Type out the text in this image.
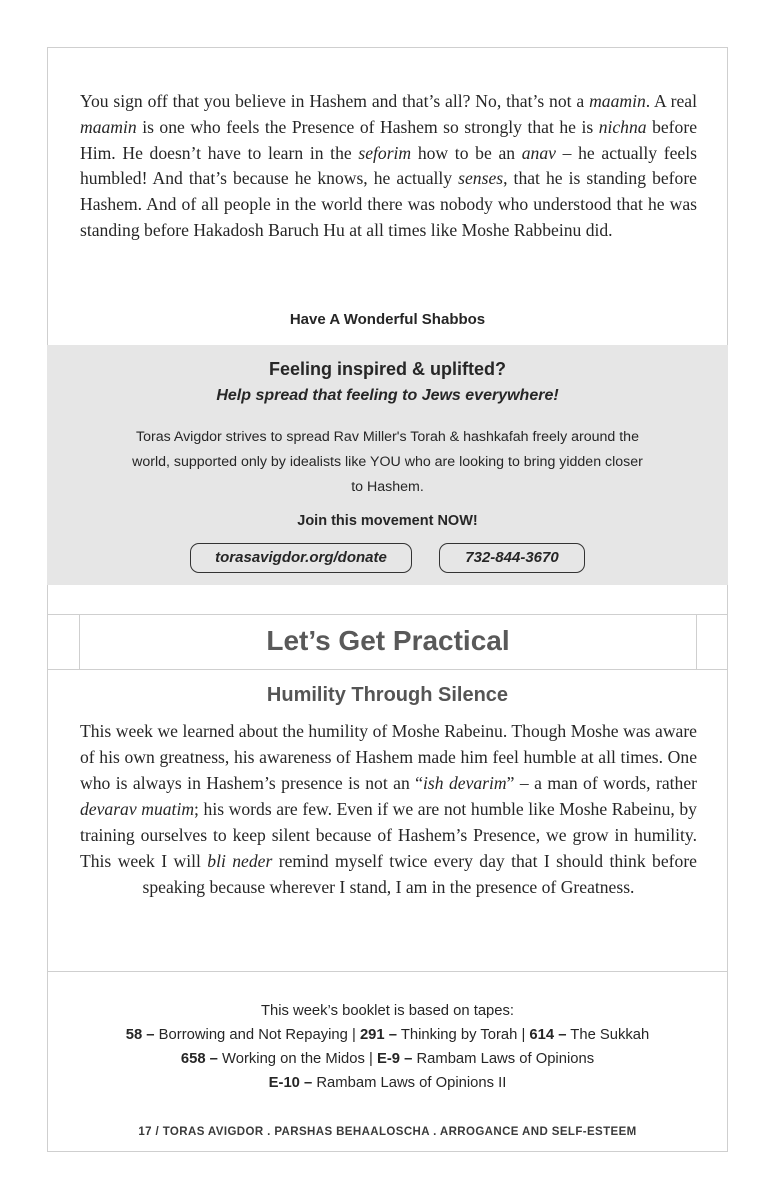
You sign off that you believe in Hashem and that’s all? No, that’s not a maamin. A real maamin is one who feels the Presence of Hashem so strongly that he is nichna before Him. He doesn’t have to learn in the seforim how to be an anav – he actually feels humbled! And that’s because he knows, he actually senses, that he is standing before Hashem. And of all people in the world there was nobody who understood that he was standing before Hakadosh Baruch Hu at all times like Moshe Rabbeinu did.

Have A Wonderful Shabbos
Feeling inspired & uplifted?
Help spread that feeling to Jews everywhere!
Toras Avigdor strives to spread Rav Miller's Torah & hashkafah freely around the world, supported only by idealists like YOU who are looking to bring yidden closer to Hashem.
Join this movement NOW!
torasavigdor.org/donate	732-844-3670
Let’s Get Practical
Humility Through Silence

This week we learned about the humility of Moshe Rabeinu. Though Moshe was aware of his own greatness, his awareness of Hashem made him feel humble at all times. One who is always in Hashem’s presence is not an “ish devarim” – a man of words, rather devarav muatim; his words are few. Even if we are not humble like Moshe Rabeinu, by training ourselves to keep silent because of Hashem’s Presence, we grow in humility. This week I will bli neder remind myself twice every day that I should think before speaking because wherever I stand, I am in the presence of Greatness.

This week’s booklet is based on tapes:
58 – Borrowing and Not Repaying | 291 – Thinking by Torah | 614 – The Sukkah
658 – Working on the Midos | E-9 – Rambam Laws of Opinions
E-10 – Rambam Laws of Opinions II
17 / TORAS AVIGDOR . PARSHAS BEHAALOSCHA . ARROGANCE AND SELF-ESTEEM
